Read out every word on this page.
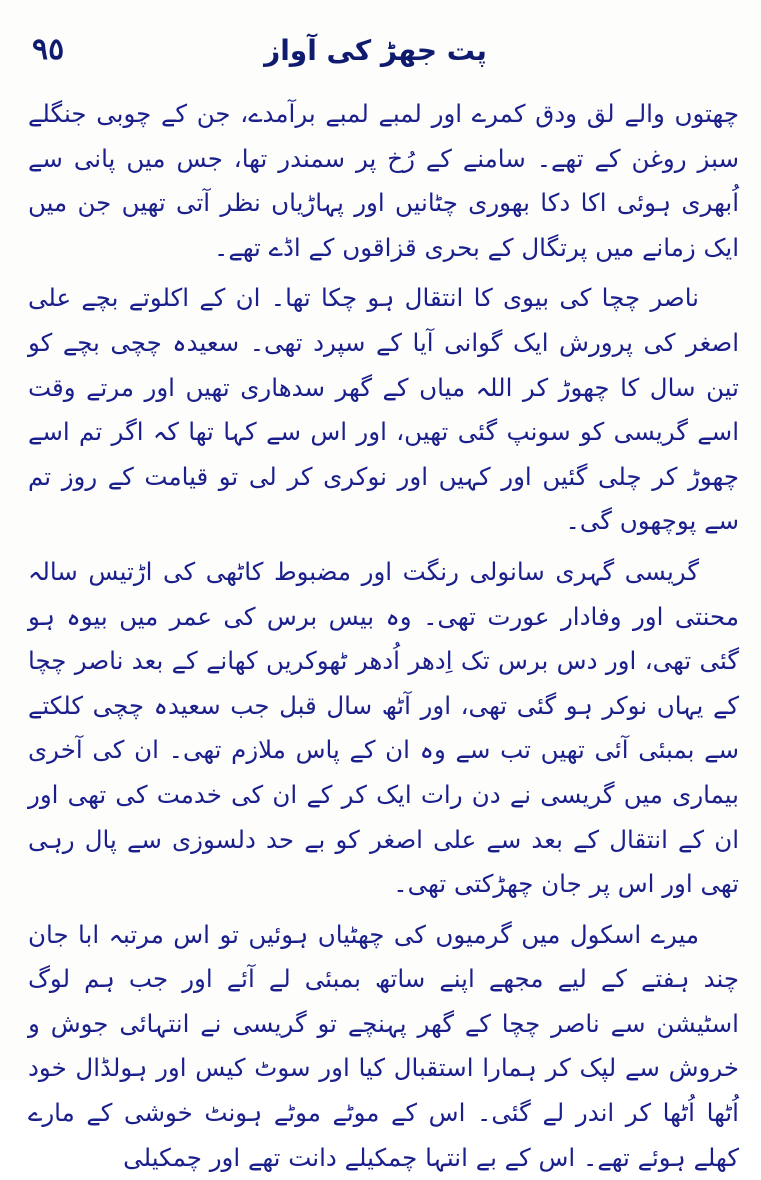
٩٥	پت جھڑ کی آواز

چھتوں والے لق ودق کمرے اور لمبے لمبے برآمدے، جن کے چوبی جنگلے سبز روغن کے تھے۔ سامنے کے رُخ پر سمندر تھا، جس میں پانی سے اُبھری ہوئی اکا دکا بھوری چٹانیں اور پہاڑیاں نظر آتی تھیں جن میں ایک زمانے میں پرتگال کے بحری قزاقوں کے اڈے تھے۔

ناصر چچا کی بیوی کا انتقال ہو چکا تھا۔ ان کے اکلوتے بچے علی اصغر کی پرورش ایک گوانی آیا کے سپرد تھی۔ سعیدہ چچی بچے کو تین سال کا چھوڑ کر اللہ میاں کے گھر سدھاری تھیں اور مرتے وقت اسے گریسی کو سونپ گئی تھیں، اور اس سے کہا تھا کہ اگر تم اسے چھوڑ کر چلی گئیں اور کہیں اور نوکری کر لی تو قیامت کے روز تم سے پوچھوں گی۔

گریسی گہری سانولی رنگت اور مضبوط کاٹھی کی اڑتیس سالہ محنتی اور وفادار عورت تھی۔ وہ بیس برس کی عمر میں بیوہ ہو گئی تھی، اور دس برس تک اِدھر اُدھر ٹھوکریں کھانے کے بعد ناصر چچا کے یہاں نوکر ہو گئی تھی، اور آٹھ سال قبل جب سعیدہ چچی کلکتے سے بمبئی آئی تھیں تب سے وہ ان کے پاس ملازم تھی۔ ان کی آخری بیماری میں گریسی نے دن رات ایک کر کے ان کی خدمت کی تھی اور ان کے انتقال کے بعد سے علی اصغر کو بے حد دلسوزی سے پال رہی تھی اور اس پر جان چھڑکتی تھی۔

میرے اسکول میں گرمیوں کی چھٹیاں ہوئیں تو اس مرتبہ ابا جان چند ہفتے کے لیے مجھے اپنے ساتھ بمبئی لے آئے اور جب ہم لوگ اسٹیشن سے ناصر چچا کے گھر پہنچے تو گریسی نے انتہائی جوش و خروش سے لپک کر ہمارا استقبال کیا اور سوٹ کیس اور ہولڈال خود اُٹھا اُٹھا کر اندر لے گئی۔ اس کے موٹے موٹے ہونٹ خوشی کے مارے کھلے ہوئے تھے۔ اس کے بے انتہا چمکیلے دانت تھے اور چمکیلی
